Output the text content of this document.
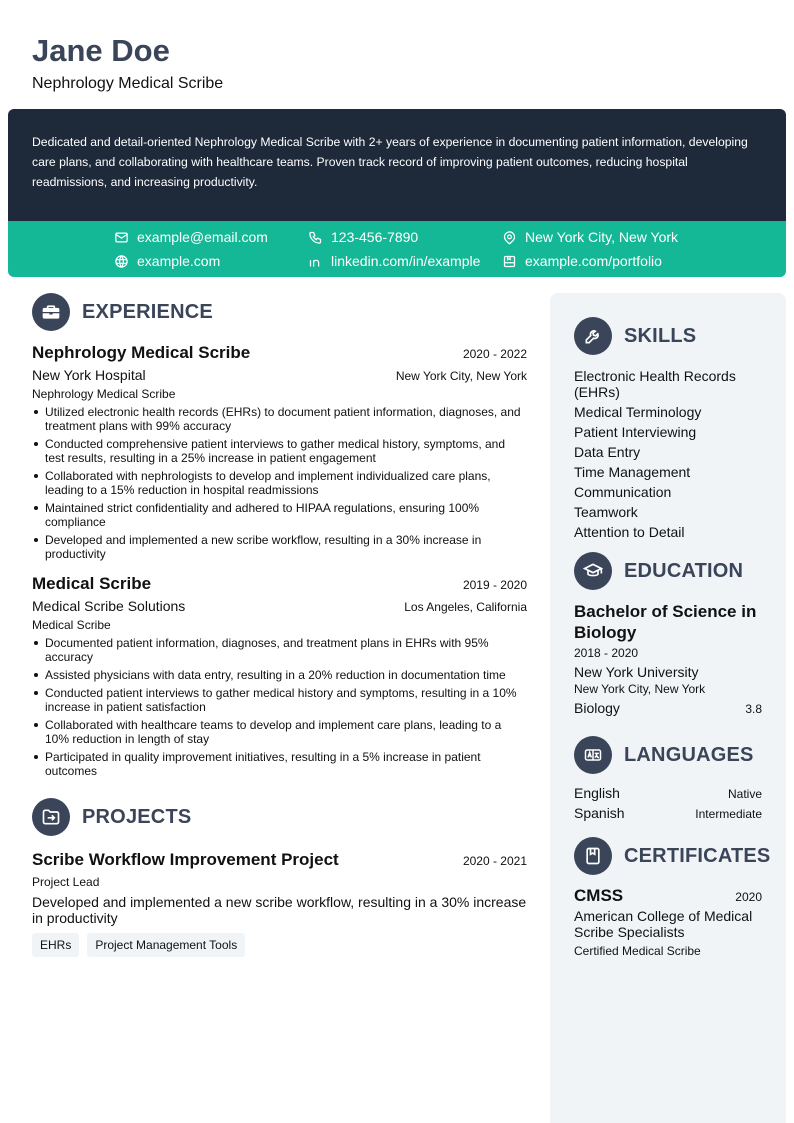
Jane Doe
Nephrology Medical Scribe
Dedicated and detail-oriented Nephrology Medical Scribe with 2+ years of experience in documenting patient information, developing care plans, and collaborating with healthcare teams. Proven track record of improving patient outcomes, reducing hospital readmissions, and increasing productivity.
example@email.com	123-456-7890	New York City, New York
example.com	linkedin.com/in/example	example.com/portfolio
EXPERIENCE
Nephrology Medical Scribe	2020 - 2022
New York Hospital	New York City, New York
Nephrology Medical Scribe
Utilized electronic health records (EHRs) to document patient information, diagnoses, and treatment plans with 99% accuracy
Conducted comprehensive patient interviews to gather medical history, symptoms, and test results, resulting in a 25% increase in patient engagement
Collaborated with nephrologists to develop and implement individualized care plans, leading to a 15% reduction in hospital readmissions
Maintained strict confidentiality and adhered to HIPAA regulations, ensuring 100% compliance
Developed and implemented a new scribe workflow, resulting in a 30% increase in productivity
Medical Scribe	2019 - 2020
Medical Scribe Solutions	Los Angeles, California
Medical Scribe
Documented patient information, diagnoses, and treatment plans in EHRs with 95% accuracy
Assisted physicians with data entry, resulting in a 20% reduction in documentation time
Conducted patient interviews to gather medical history and symptoms, resulting in a 10% increase in patient satisfaction
Collaborated with healthcare teams to develop and implement care plans, leading to a 10% reduction in length of stay
Participated in quality improvement initiatives, resulting in a 5% increase in patient outcomes
PROJECTS
Scribe Workflow Improvement Project	2020 - 2021
Project Lead
Developed and implemented a new scribe workflow, resulting in a 30% increase in productivity
EHRs	Project Management Tools
SKILLS
Electronic Health Records (EHRs)
Medical Terminology
Patient Interviewing
Data Entry
Time Management
Communication
Teamwork
Attention to Detail
EDUCATION
Bachelor of Science in Biology
2018 - 2020
New York University
New York City, New York
Biology	3.8
LANGUAGES
English	Native
Spanish	Intermediate
CERTIFICATES
CMSS	2020
American College of Medical Scribe Specialists
Certified Medical Scribe
